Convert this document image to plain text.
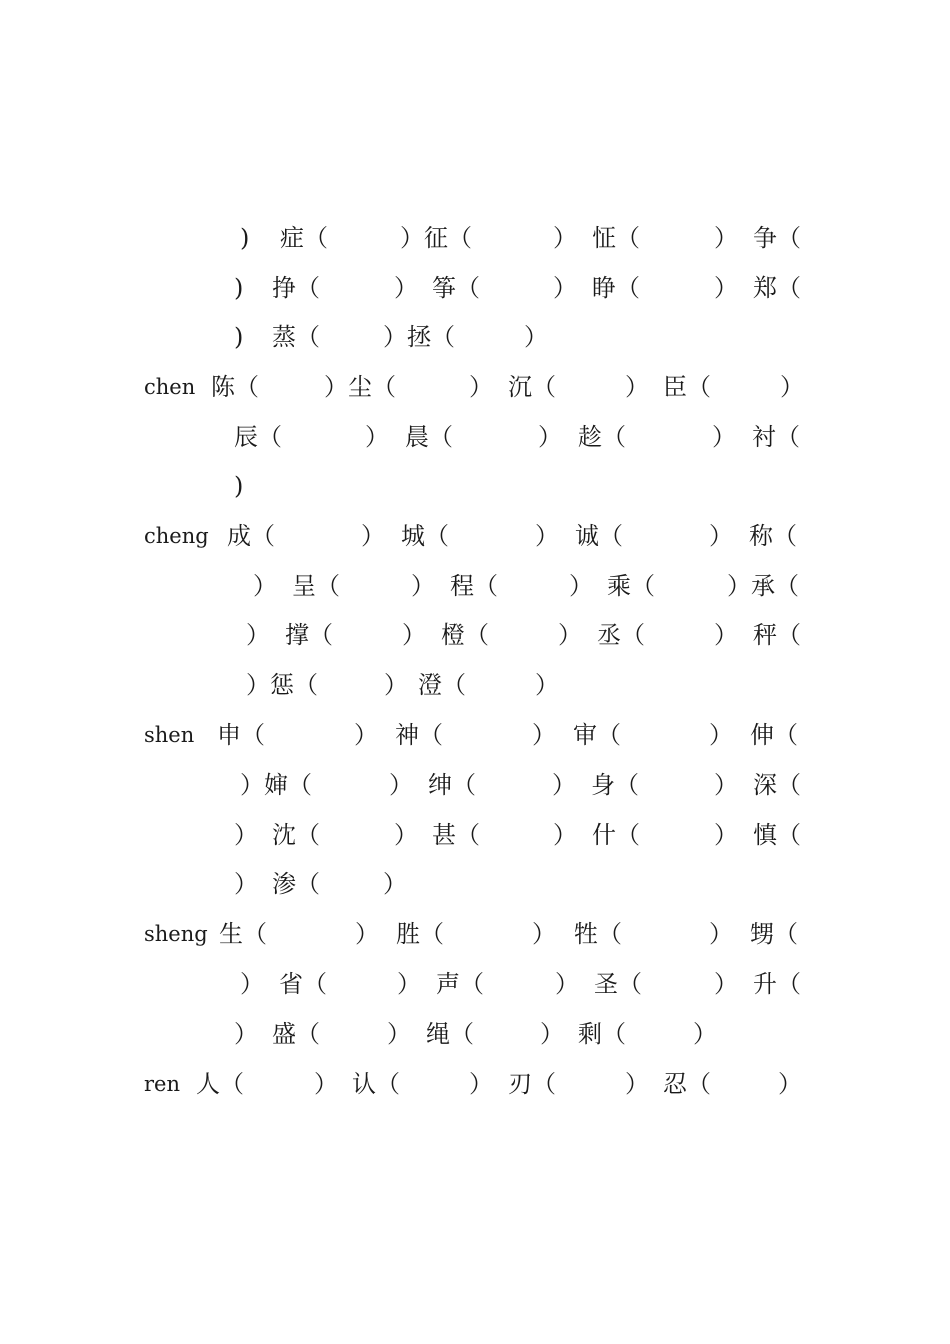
) 症（	）征（	） 怔（	） 争（
) 挣（	） 筝（	） 睁（	） 郑（
) 蒸（	）拯（	）
chen 陈（	）尘（	） 沉（	） 臣（	）
辰（	） 晨（	） 趁（	） 衬（
)
cheng 成（	） 城（	） 诚（	） 称（
） 呈（	） 程（	） 乘（	）承（
） 撑（	） 橙（	） 丞（	） 秤（
）惩（	） 澄（	）
shen 申（	） 神（	） 审（	） 伸（
）婶（	） 绅（	） 身（	） 深（
） 沈（	） 甚（	） 什（	） 慎（
） 渗（	）
sheng 生（	） 胜（	） 牲（	） 甥（
） 省（	） 声（	） 圣（	） 升（
） 盛（	） 绳（	） 剩（	）
ren 人（	） 认（	） 刃（	） 忍（	）
